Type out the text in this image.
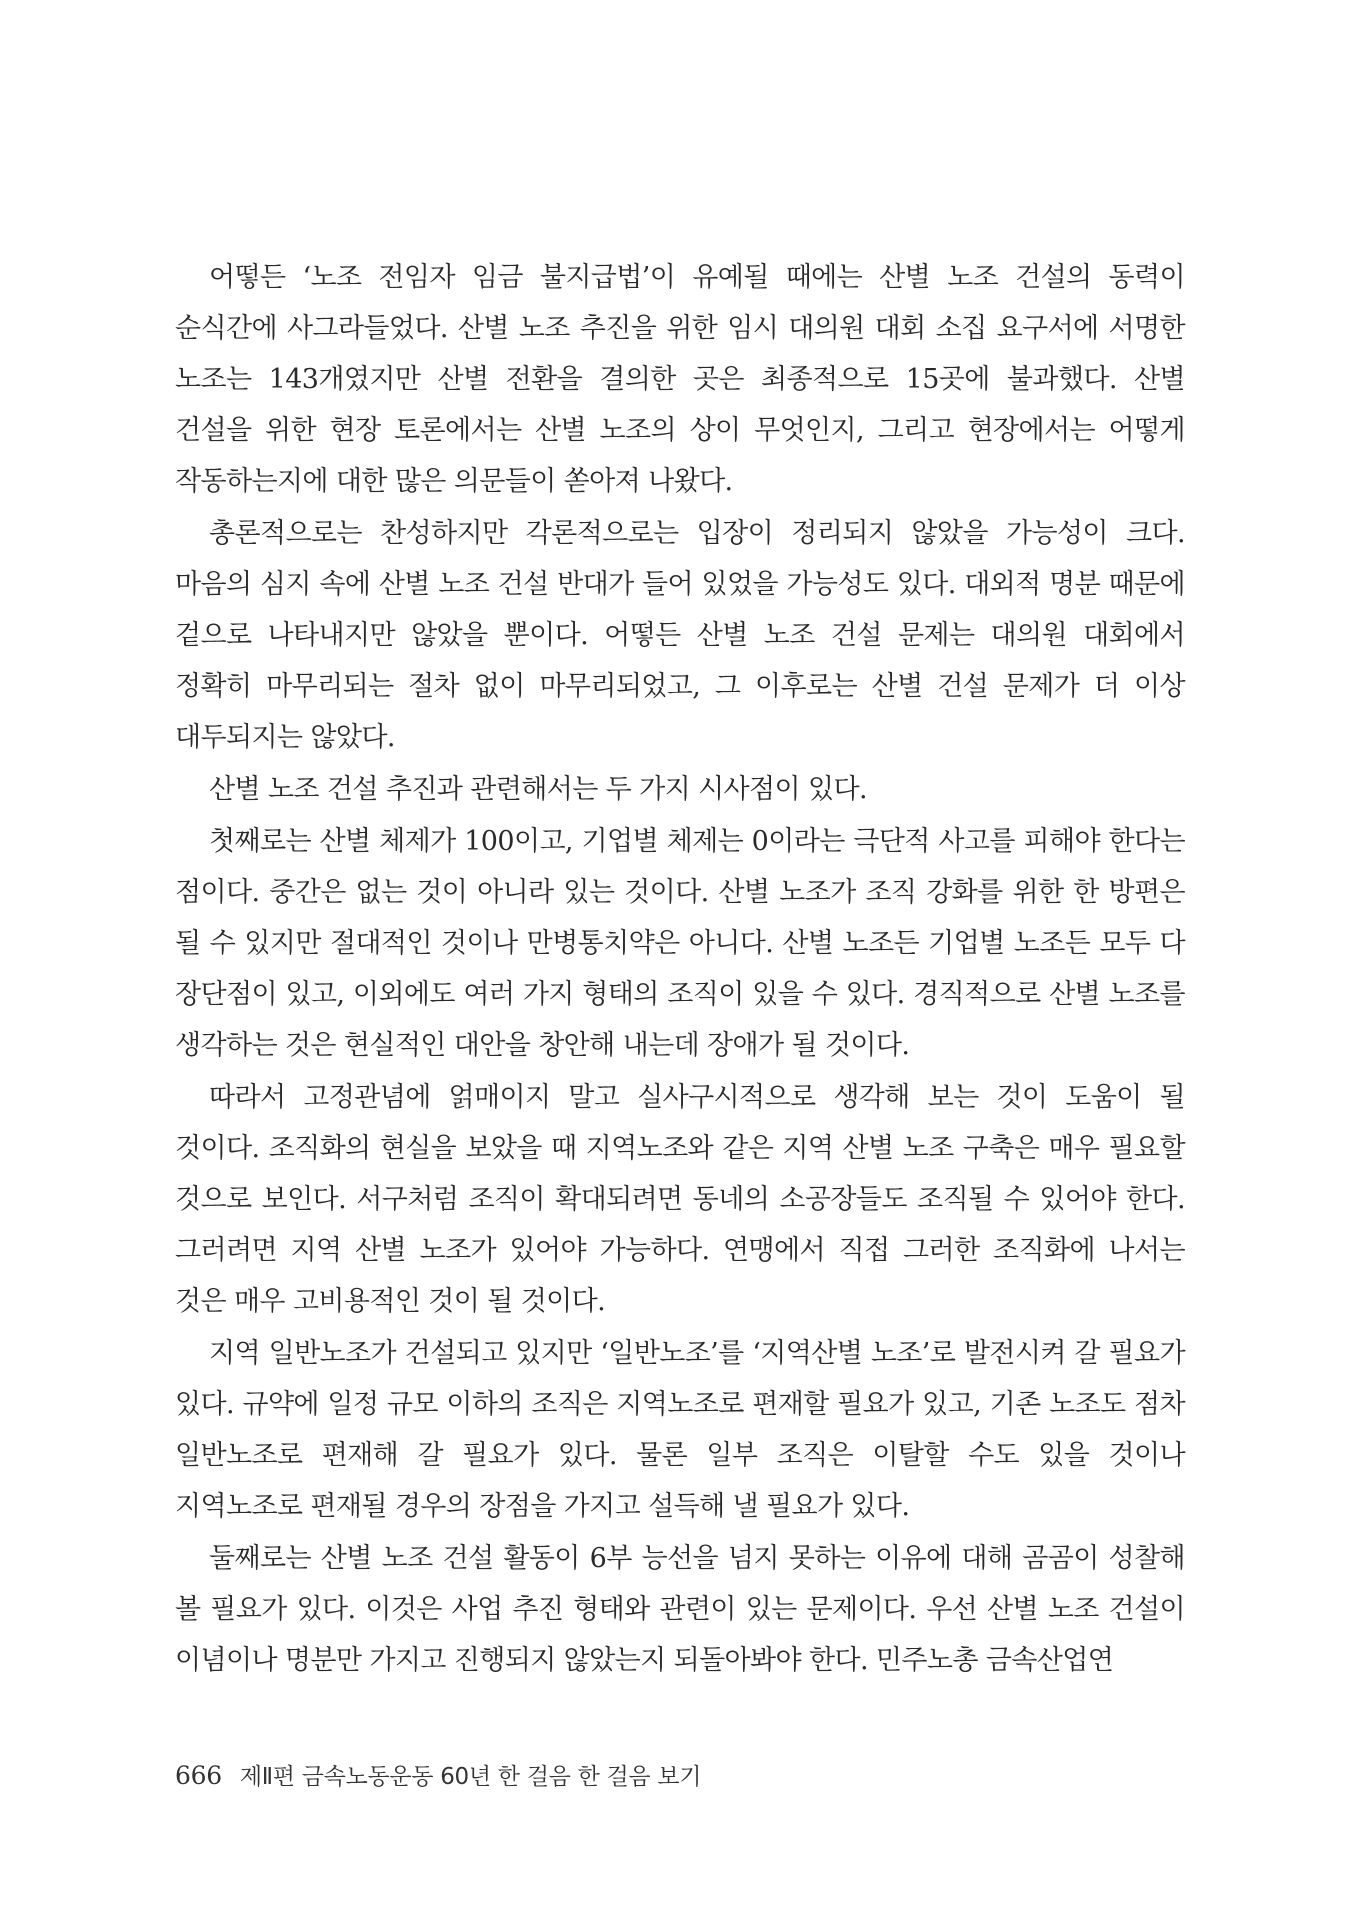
어떻든 ‘노조 전임자 임금 불지급법’이 유예될 때에는 산별 노조 건설의 동력이 순식간에 사그라들었다. 산별 노조 추진을 위한 임시 대의원 대회 소집 요구서에 서명한 노조는 143개였지만 산별 전환을 결의한 곳은 최종적으로 15곳에 불과했다. 산별 건설을 위한 현장 토론에서는 산별 노조의 상이 무엇인지, 그리고 현장에서는 어떻게 작동하는지에 대한 많은 의문들이 쏟아져 나왔다.

총론적으로는 찬성하지만 각론적으로는 입장이 정리되지 않았을 가능성이 크다. 마음의 심지 속에 산별 노조 건설 반대가 들어 있었을 가능성도 있다. 대외적 명분 때문에 겉으로 나타내지만 않았을 뿐이다. 어떻든 산별 노조 건설 문제는 대의원 대회에서 정확히 마무리되는 절차 없이 마무리되었고, 그 이후로는 산별 건설 문제가 더 이상 대두되지는 않았다.

산별 노조 건설 추진과 관련해서는 두 가지 시사점이 있다.

첫째로는 산별 체제가 100이고, 기업별 체제는 0이라는 극단적 사고를 피해야 한다는 점이다. 중간은 없는 것이 아니라 있는 것이다. 산별 노조가 조직 강화를 위한 한 방편은 될 수 있지만 절대적인 것이나 만병통치약은 아니다. 산별 노조든 기업별 노조든 모두 다 장단점이 있고, 이외에도 여러 가지 형태의 조직이 있을 수 있다. 경직적으로 산별 노조를 생각하는 것은 현실적인 대안을 창안해 내는데 장애가 될 것이다.

따라서 고정관념에 얽매이지 말고 실사구시적으로 생각해 보는 것이 도움이 될 것이다. 조직화의 현실을 보았을 때 지역노조와 같은 지역 산별 노조 구축은 매우 필요할 것으로 보인다. 서구처럼 조직이 확대되려면 동네의 소공장들도 조직될 수 있어야 한다. 그러려면 지역 산별 노조가 있어야 가능하다. 연맹에서 직접 그러한 조직화에 나서는 것은 매우 고비용적인 것이 될 것이다.

지역 일반노조가 건설되고 있지만 ‘일반노조’를 ‘지역산별 노조’로 발전시켜 갈 필요가 있다. 규약에 일정 규모 이하의 조직은 지역노조로 편재할 필요가 있고, 기존 노조도 점차 일반노조로 편재해 갈 필요가 있다. 물론 일부 조직은 이탈할 수도 있을 것이나 지역노조로 편재될 경우의 장점을 가지고 설득해 낼 필요가 있다.

둘째로는 산별 노조 건설 활동이 6부 능선을 넘지 못하는 이유에 대해 곰곰이 성찰해 볼 필요가 있다. 이것은 사업 추진 형태와 관련이 있는 문제이다. 우선 산별 노조 건설이 이념이나 명분만 가지고 진행되지 않았는지 되돌아봐야 한다. 민주노총 금속산업연

666 제Ⅱ편 금속노동운동 60년 한 걸음 한 걸음 보기
